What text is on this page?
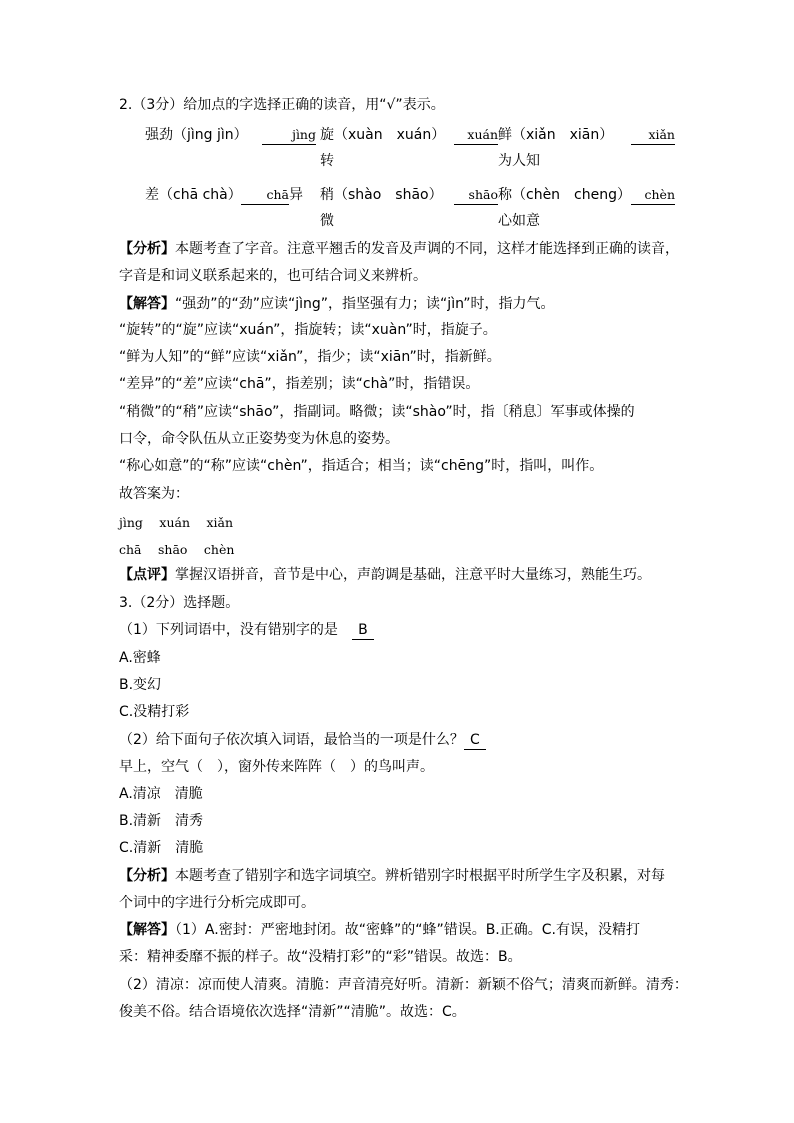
2.（3分）给加点的字选择正确的读音，用“√”表示。
强劲（jìng jìn）	jìng 旋（xuàn　xuán）
转
xuán 鲜（xiǎn　xiān）
为人知
xiǎn
差（chā chà）	chā异 稍（shào　shāo）
微
shāo 称（chèn　cheng）
心如意
chèn
【分析】本题考查了字音。注意平翘舌的发音及声调的不同，这样才能选择到正确的读音，
字音是和词义联系起来的，也可结合词义来辨析。
【解答】“强劲”的“劲”应读“jìng”，指坚强有力；读“jìn”时，指力气。
“旋转”的“旋”应读“xuán”，指旋转；读“xuàn”时，指旋子。
“鲜为人知”的“鲜”应读“xiǎn”，指少；读“xiān”时，指新鲜。
“差异”的“差”应读“chā”，指差别；读“chà”时，指错误。
“稍微”的“稍”应读“shāo”，指副词。略微；读“shào”时，指〔稍息〕军事或体操的
口令，命令队伍从立正姿势变为休息的姿势。
“称心如意”的“称”应读“chèn”，指适合；相当；读“chēng”时，指叫，叫作。
故答案为：
jìng　 xuán　 xiǎn
chā　 shāo　 chèn
【点评】掌握汉语拼音，音节是中心，声韵调是基础，注意平时大量练习，熟能生巧。
3.（2分）选择题。
（1）下列词语中，没有错别字的是　 B
A.密蜂
B.变幻
C.没精打彩
（2）给下面句子依次填入词语，最恰当的一项是什么？ C
早上，空气（　），窗外传来阵阵（　）的鸟叫声。
A.清凉　清脆
B.清新　清秀
C.清新　清脆
【分析】本题考查了错别字和选字词填空。辨析错别字时根据平时所学生字及积累，对每
个词中的字进行分析完成即可。
【解答】（1）A.密封：严密地封闭。故“密蜂”的“蜂”错误。B.正确。C.有误，没精打
采：精神委靡不振的样子。故“没精打彩”的“彩”错误。故选：B。
（2）清凉：凉而使人清爽。清脆：声音清亮好听。清新：新颖不俗气；清爽而新鲜。清秀：
俊美不俗。结合语境依次选择“清新”“清脆”。故选：C。
